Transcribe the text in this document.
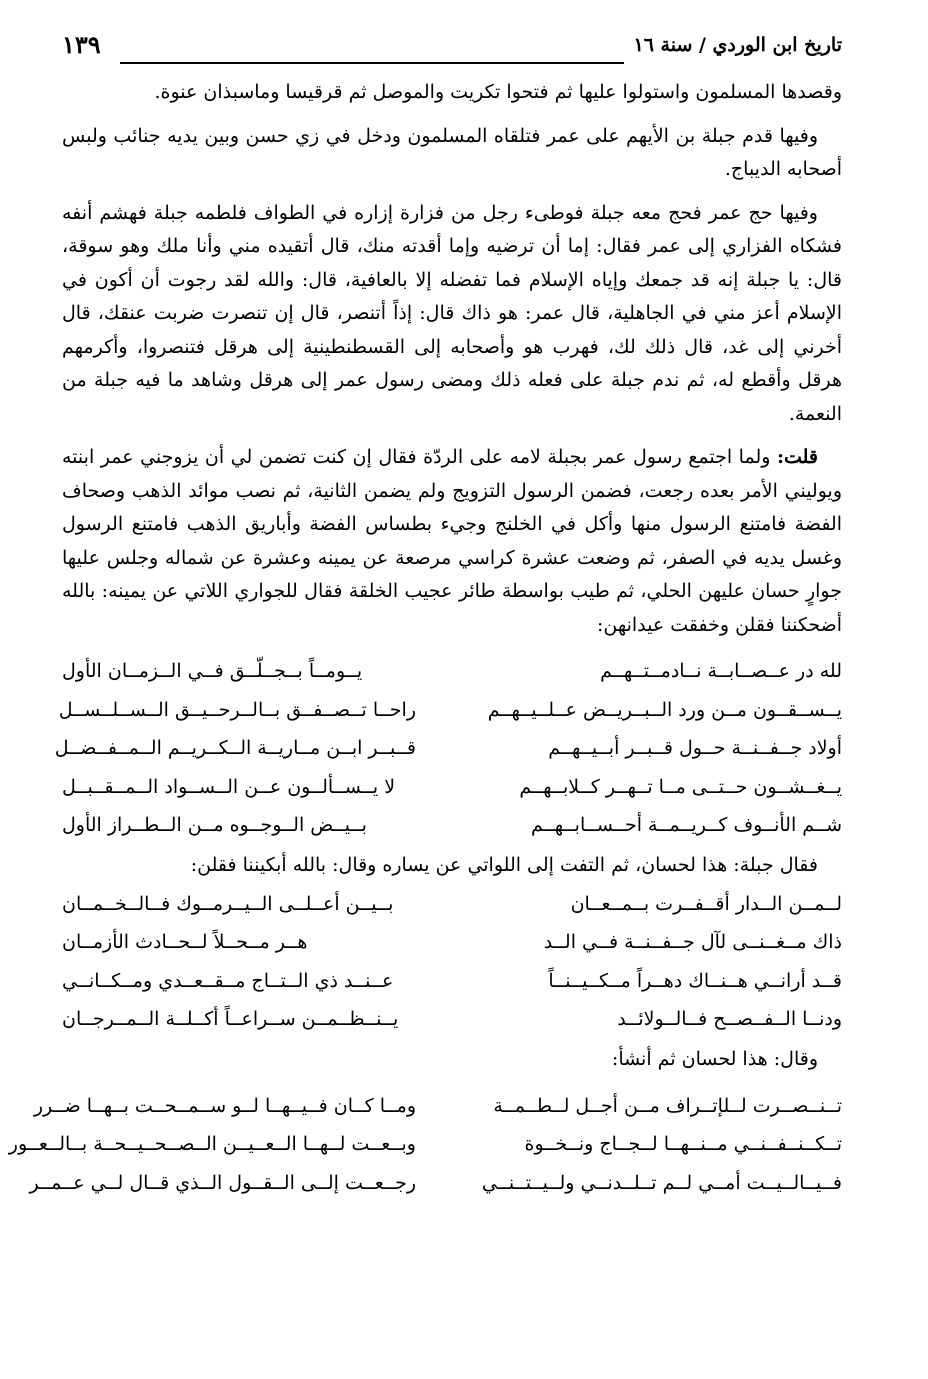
تاريخ ابن الوردي / سنة ١٦
١٣٩

وقصدها المسلمون واستولوا عليها ثم فتحوا تكريت والموصل ثم قرقيسا وماسبذان عنوة.

وفيها قدم جبلة بن الأيهم على عمر فتلقاه المسلمون ودخل في زي حسن وبين يديه جنائب ولبس أصحابه الديباج.

وفيها حج عمر فحج معه جبلة فوطىء رجل من فزارة إزاره في الطواف فلطمه جبلة فهشم أنفه فشكاه الفزاري إلى عمر فقال: إما أن ترضيه وإما أقدته منك، قال أتقيده مني وأنا ملك وهو سوقة، قال: يا جبلة إنه قد جمعك وإياه الإسلام فما تفضله إلا بالعافية، قال: والله لقد رجوت أن أكون في الإسلام أعز مني في الجاهلية، قال عمر: هو ذاك قال: إذاً أتنصر، قال إن تنصرت ضربت عنقك، قال أخرني إلى غد، قال ذلك لك، فهرب هو وأصحابه إلى القسطنطينية إلى هرقل فتنصروا، وأكرمهم هرقل وأقطع له، ثم ندم جبلة على فعله ذلك ومضى رسول عمر إلى هرقل وشاهد ما فيه جبلة من النعمة.

قلت: ولما اجتمع رسول عمر بجبلة لامه على الردّة فقال إن كنت تضمن لي أن يزوجني عمر ابنته ويوليني الأمر بعده رجعت، فضمن الرسول التزويج ولم يضمن الثانية، ثم نصب موائد الذهب وصحاف الفضة فامتنع الرسول منها وأكل في الخلنج وجيء بطساس الفضة وأباريق الذهب فامتنع الرسول وغسل يديه في الصفر، ثم وضعت عشرة كراسي مرصعة عن يمينه وعشرة عن شماله وجلس عليها جوارٍ حسان عليهن الحلي، ثم طيب بواسطة طائر عجيب الخلقة فقال للجواري اللاتي عن يمينه: بالله أضحكننا فقلن وخفقت عيدانهن:

لله در عــصــابــة نــادمــتــهــم
يــومــاً بــجــلّــق فــي الــزمــان الأول
يــســقــون مــن ورد الــبــريــض عــلــيــهــم
راحــا تــصــفــق بــالــرحــيــق الــســلــســل
أولاد جــفــنــة حــول قــبــر أبــيــهــم
قــبــر ابــن مــاريــة الــكــريــم الــمــفــضــل
يــغــشــون حــتــى مــا تــهــر كــلابــهــم
لا يــســألــون عــن الــســواد الــمــقــبــل
شــم الأنــوف كــريــمــة أحــســابــهــم
بــيــض الــوجــوه مــن الــطــراز الأول

فقال جبلة: هذا لحسان، ثم التفت إلى اللواتي عن يساره وقال: بالله أبكيننا فقلن:

لــمــن الــدار أقــفــرت بــمــعــان
بــيــن أعــلــى الــيــرمــوك فــالــخــمــان
ذاك مــغــنــى لآل جــفــنــة فــي الــد
هــر مــحــلاً لــحــادث الأزمــان
قــد أرانــي هــنــاك دهــراً مــكــيــنــاً
عــنــد ذي الــتــاج مــقــعــدي ومــكــانــي
ودنــا الــفــصــح فــالــولائــد
يــنــظــمــن ســراعــاً أكــلــة الــمــرجــان

وقال: هذا لحسان ثم أنشأ:

تــنــصــرت لــلإتــراف مــن أجــل لــطــمــة
ومــا كــان فــيــهــا لــو ســمــحــت بــهــا ضــرر
تــكــنــفــنــي مــنــهــا لــجــاج ونــخــوة
وبــعــت لــهــا الــعــيــن الــصــحــيــحــة بــالــعــور
فــيــالــيــت أمــي لــم تــلــدنــي ولــيــتــنــي
رجــعــت إلــى الــقــول الــذي قــال لــي عــمــر
